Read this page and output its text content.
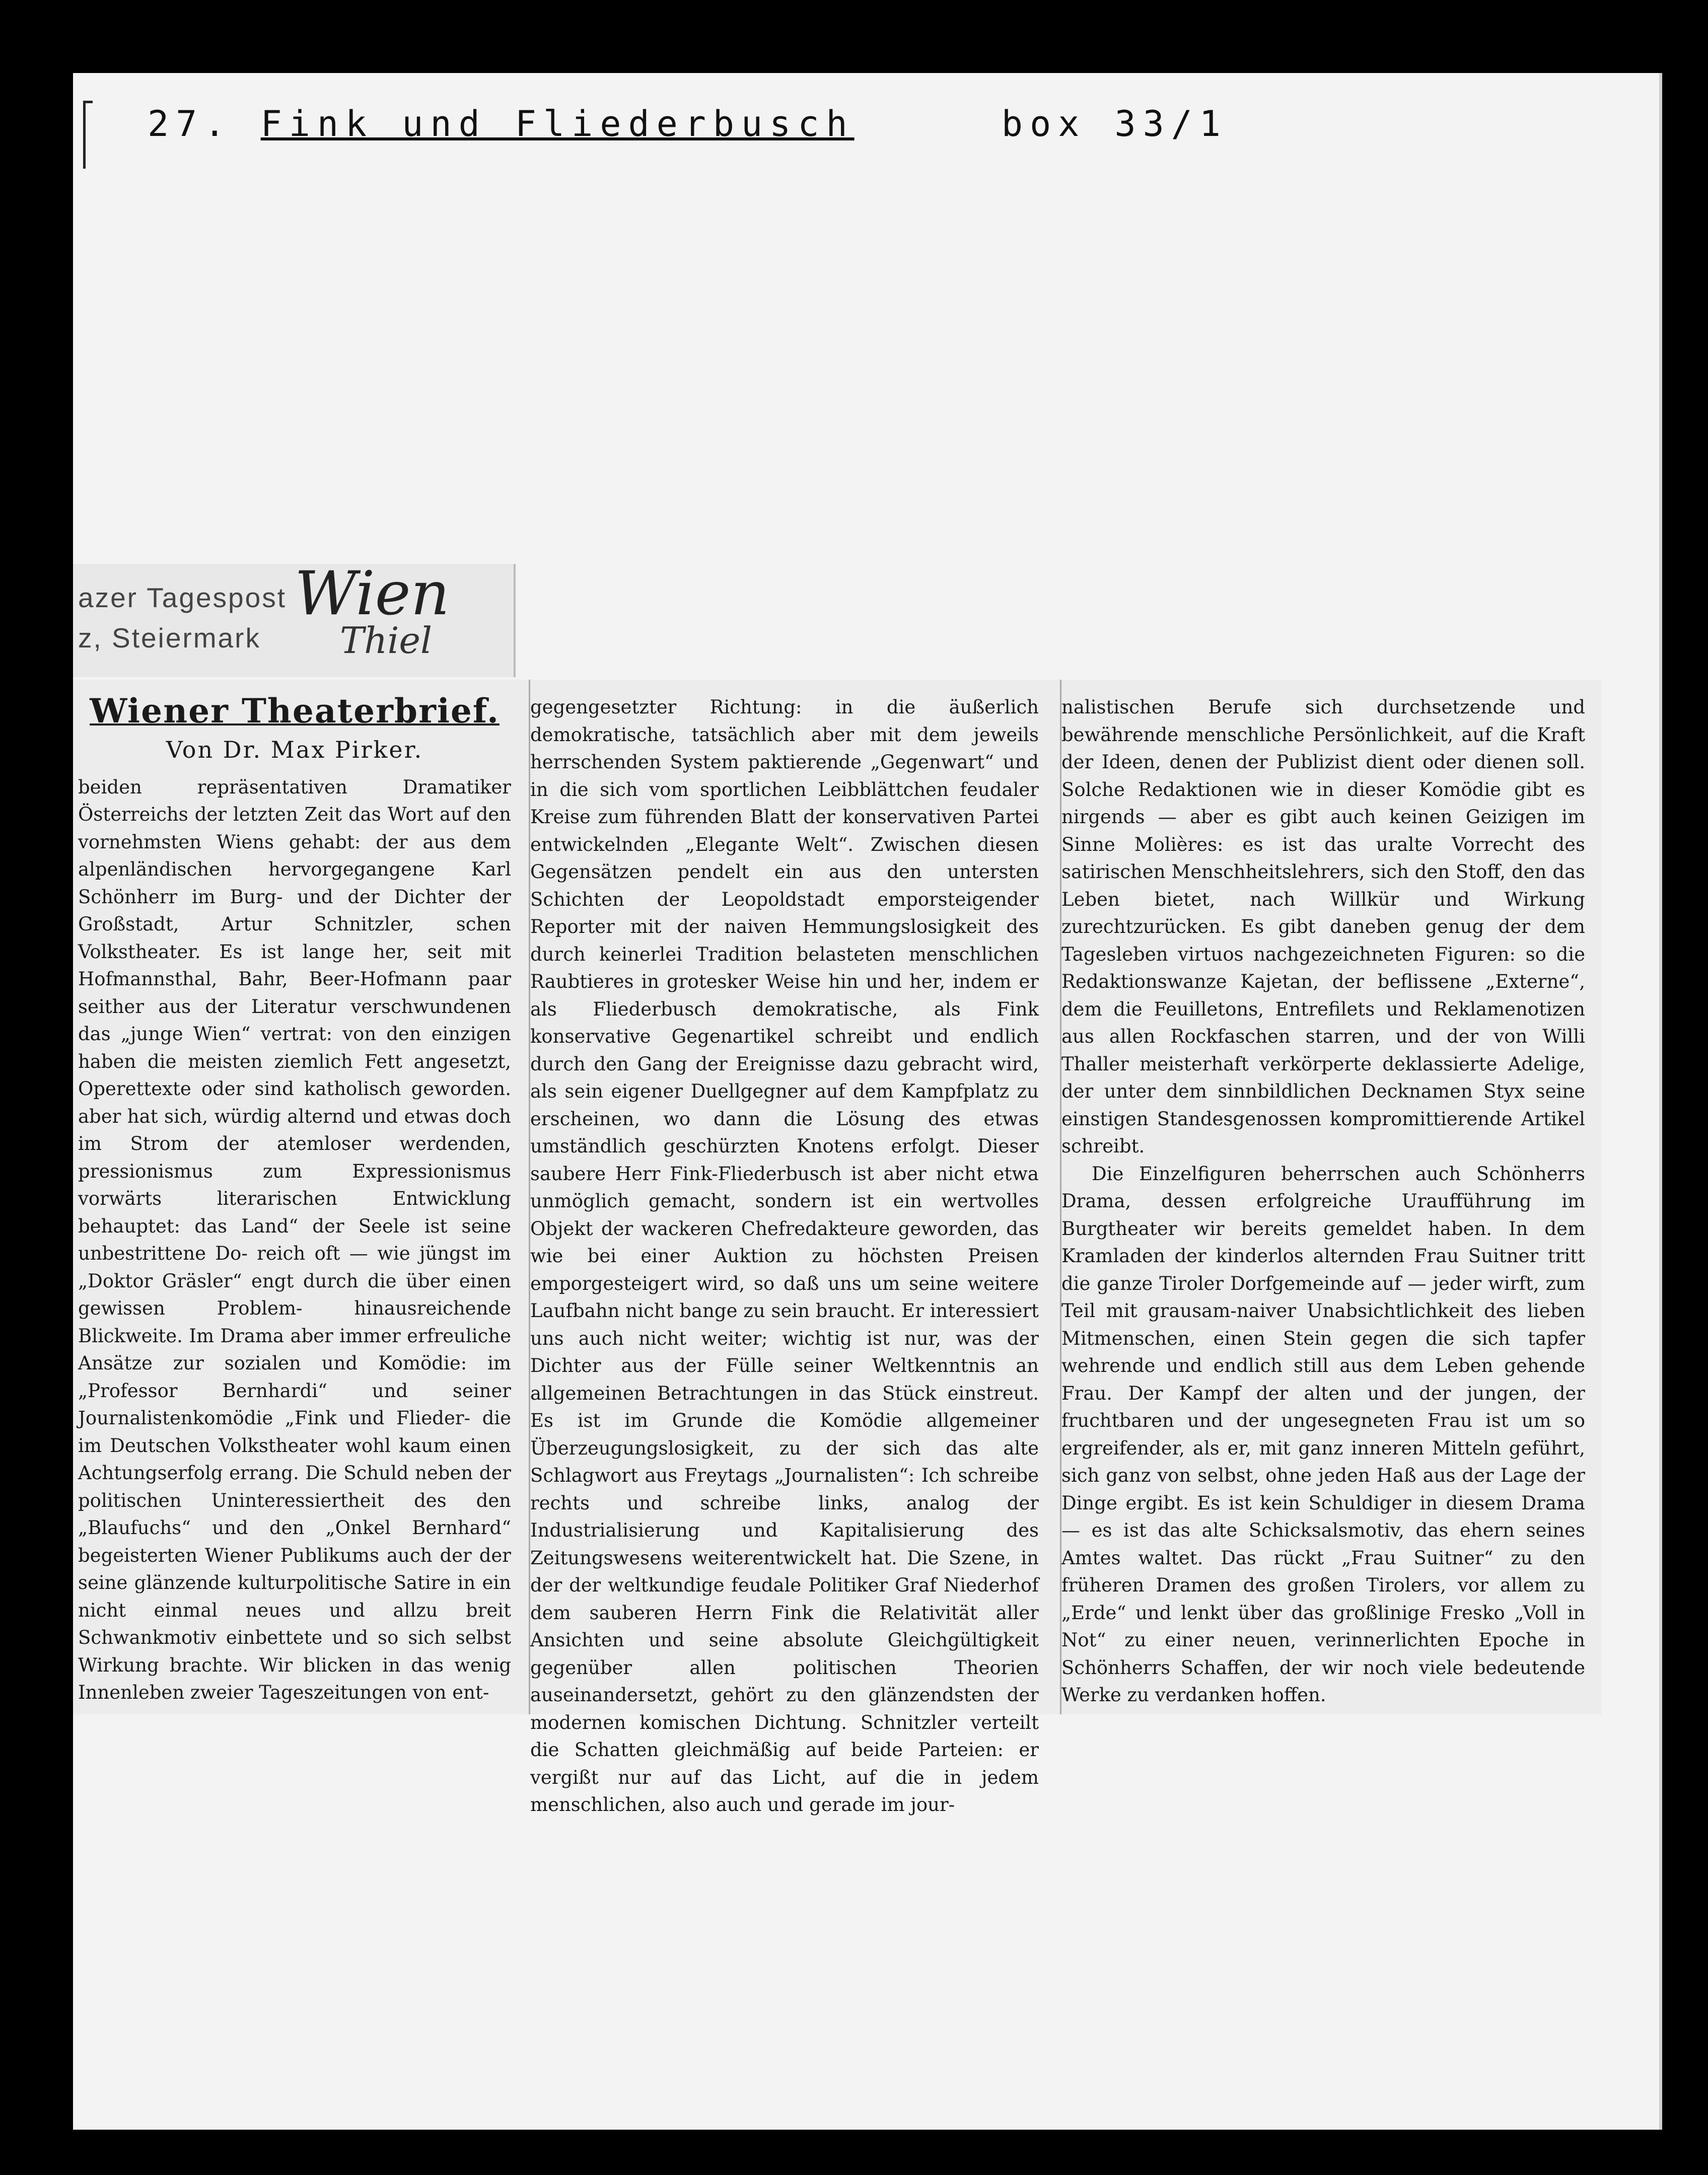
27. Fink und Fliederbusch	box 33/1
azer Tagespost
z, Steiermark
Wien
Thiel
Wiener Theaterbrief.
Von Dr. Max Pirker.

beiden repräsentativen Dramatiker Österreichs der letzten Zeit das Wort auf den vornehmsten Wiens gehabt: der aus dem alpenländischen hervorgegangene Karl Schönherr im Burg- und der Dichter der Großstadt, Artur Schnitzler, schen Volkstheater. Es ist lange her, seit mit Hofmannsthal, Bahr, Beer-Hofmann paar seither aus der Literatur verschwundenen das „junge Wien“ vertrat: von den einzigen haben die meisten ziemlich Fett angesetzt, Operettexte oder sind katholisch geworden. aber hat sich, würdig alternd und etwas doch im Strom der atemloser werdenden, pressionismus zum Expressionismus vorwärts literarischen Entwicklung behauptet: das Land“ der Seele ist seine unbestrittene Do- reich oft — wie jüngst im „Doktor Gräsler“ engt durch die über einen gewissen Problem- hinausreichende Blickweite. Im Drama aber immer erfreuliche Ansätze zur sozialen und Komödie: im „Professor Bernhardi“ und seiner Journalistenkomödie „Fink und Flieder- die im Deutschen Volkstheater wohl kaum einen Achtungserfolg errang. Die Schuld neben der politischen Uninteressiertheit des den „Blaufuchs“ und den „Onkel Bernhard“ begeisterten Wiener Publikums auch der der seine glänzende kulturpolitische Satire in ein nicht einmal neues und allzu breit Schwankmotiv einbettete und so sich selbst Wirkung brachte. Wir blicken in das wenig Innenleben zweier Tageszeitungen von ent-

gegengesetzter Richtung: in die äußerlich demokratische, tatsächlich aber mit dem jeweils herrschenden System paktierende „Gegenwart“ und in die sich vom sportlichen Leibblättchen feudaler Kreise zum führenden Blatt der konservativen Partei entwickelnden „Elegante Welt“. Zwischen diesen Gegensätzen pendelt ein aus den untersten Schichten der Leopoldstadt emporsteigender Reporter mit der naiven Hemmungslosigkeit des durch keinerlei Tradition belasteten menschlichen Raubtieres in grotesker Weise hin und her, indem er als Fliederbusch demokratische, als Fink konservative Gegenartikel schreibt und endlich durch den Gang der Ereignisse dazu gebracht wird, als sein eigener Duellgegner auf dem Kampfplatz zu erscheinen, wo dann die Lösung des etwas umständlich geschürzten Knotens erfolgt. Dieser saubere Herr Fink-Fliederbusch ist aber nicht etwa unmöglich gemacht, sondern ist ein wertvolles Objekt der wackeren Chefredakteure geworden, das wie bei einer Auktion zu höchsten Preisen emporgesteigert wird, so daß uns um seine weitere Laufbahn nicht bange zu sein braucht. Er interessiert uns auch nicht weiter; wichtig ist nur, was der Dichter aus der Fülle seiner Weltkenntnis an allgemeinen Betrachtungen in das Stück einstreut. Es ist im Grunde die Komödie allgemeiner Überzeugungslosigkeit, zu der sich das alte Schlagwort aus Freytags „Journalisten“: Ich schreibe rechts und schreibe links, analog der Industrialisierung und Kapitalisierung des Zeitungswesens weiterentwickelt hat. Die Szene, in der der weltkundige feudale Politiker Graf Niederhof dem sauberen Herrn Fink die Relativität aller Ansichten und seine absolute Gleichgültigkeit gegenüber allen politischen Theorien auseinandersetzt, gehört zu den glänzendsten der modernen komischen Dichtung. Schnitzler verteilt die Schatten gleichmäßig auf beide Parteien: er vergißt nur auf das Licht, auf die in jedem menschlichen, also auch und gerade im jour-

nalistischen Berufe sich durchsetzende und bewährende menschliche Persönlichkeit, auf die Kraft der Ideen, denen der Publizist dient oder dienen soll. Solche Redaktionen wie in dieser Komödie gibt es nirgends — aber es gibt auch keinen Geizigen im Sinne Molières: es ist das uralte Vorrecht des satirischen Menschheitslehrers, sich den Stoff, den das Leben bietet, nach Willkür und Wirkung zurechtzurücken. Es gibt daneben genug der dem Tagesleben virtuos nachgezeichneten Figuren: so die Redaktionswanze Kajetan, der beflissene „Externe“, dem die Feuilletons, Entrefilets und Reklamenotizen aus allen Rockfaschen starren, und der von Willi Thaller meisterhaft verkörperte deklassierte Adelige, der unter dem sinnbildlichen Decknamen Styx seine einstigen Standesgenossen kompromittierende Artikel schreibt.

Die Einzelfiguren beherrschen auch Schönherrs Drama, dessen erfolgreiche Uraufführung im Burgtheater wir bereits gemeldet haben. In dem Kramladen der kinderlos alternden Frau Suitner tritt die ganze Tiroler Dorfgemeinde auf — jeder wirft, zum Teil mit grausam-naiver Unabsichtlichkeit des lieben Mitmenschen, einen Stein gegen die sich tapfer wehrende und endlich still aus dem Leben gehende Frau. Der Kampf der alten und der jungen, der fruchtbaren und der ungesegneten Frau ist um so ergreifender, als er, mit ganz inneren Mitteln geführt, sich ganz von selbst, ohne jeden Haß aus der Lage der Dinge ergibt. Es ist kein Schuldiger in diesem Drama — es ist das alte Schicksalsmotiv, das ehern seines Amtes waltet. Das rückt „Frau Suitner“ zu den früheren Dramen des großen Tirolers, vor allem zu „Erde“ und lenkt über das großlinige Fresko „Voll in Not“ zu einer neuen, verinnerlichten Epoche in Schönherrs Schaffen, der wir noch viele bedeutende Werke zu verdanken hoffen.
